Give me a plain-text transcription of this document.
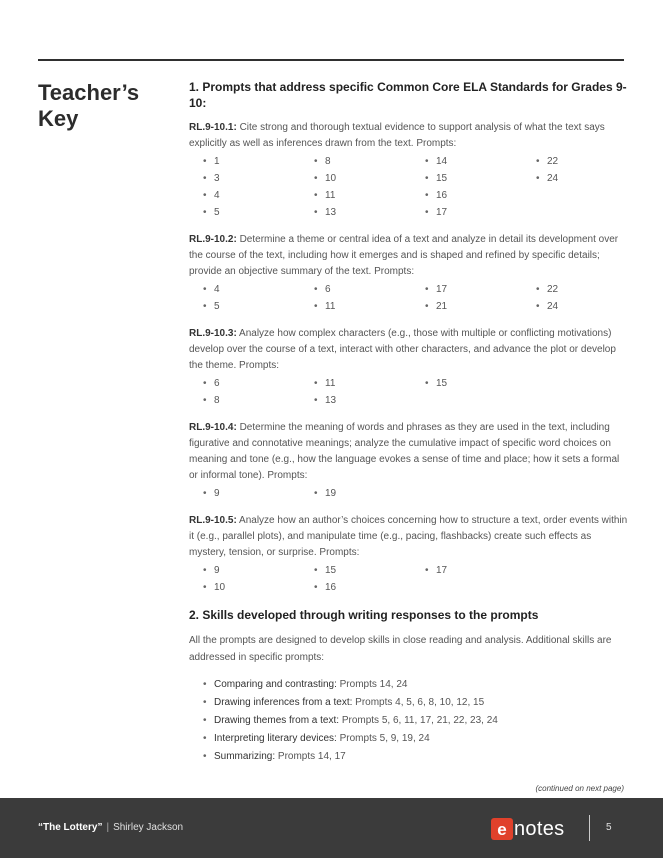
Teacher’s Key
1. Prompts that address specific Common Core ELA Standards for Grades 9-10:

RL.9-10.1: Cite strong and thorough textual evidence to support analysis of what the text says explicitly as well as inferences drawn from the text. Prompts:

• 1	• 8	• 14	• 22
• 3	• 10	• 15	• 24
• 4	• 11	• 16
• 5	• 13	• 17

RL.9-10.2: Determine a theme or central idea of a text and analyze in detail its development over the course of the text, including how it emerges and is shaped and refined by specific details; provide an objective summary of the text. Prompts:

• 4	• 6	• 17	• 22
• 5	• 11	• 21	• 24

RL.9-10.3: Analyze how complex characters (e.g., those with multiple or conflicting motivations) develop over the course of a text, interact with other characters, and advance the plot or develop the theme. Prompts:

• 6	• 11	• 15
• 8	• 13

RL.9-10.4: Determine the meaning of words and phrases as they are used in the text, including figurative and connotative meanings; analyze the cumulative impact of specific word choices on meaning and tone (e.g., how the language evokes a sense of time and place; how it sets a formal or informal tone). Prompts:

• 9	• 19

RL.9-10.5: Analyze how an author’s choices concerning how to structure a text, order events within it (e.g., parallel plots), and manipulate time (e.g., pacing, flashbacks) create such effects as mystery, tension, or surprise. Prompts:

• 9	• 15	• 17
• 10	• 16
2. Skills developed through writing responses to the prompts

All the prompts are designed to develop skills in close reading and analysis. Additional skills are addressed in specific prompts:

• Comparing and contrasting: Prompts 14, 24
• Drawing inferences from a text: Prompts 4, 5, 6, 8, 10, 12, 15
• Drawing themes from a text: Prompts 5, 6, 11, 17, 21, 22, 23, 24
• Interpreting literary devices: Prompts 5, 9, 19, 24
• Summarizing: Prompts 14, 17
(continued on next page)
“The Lottery” | Shirley Jackson	e notes	5
